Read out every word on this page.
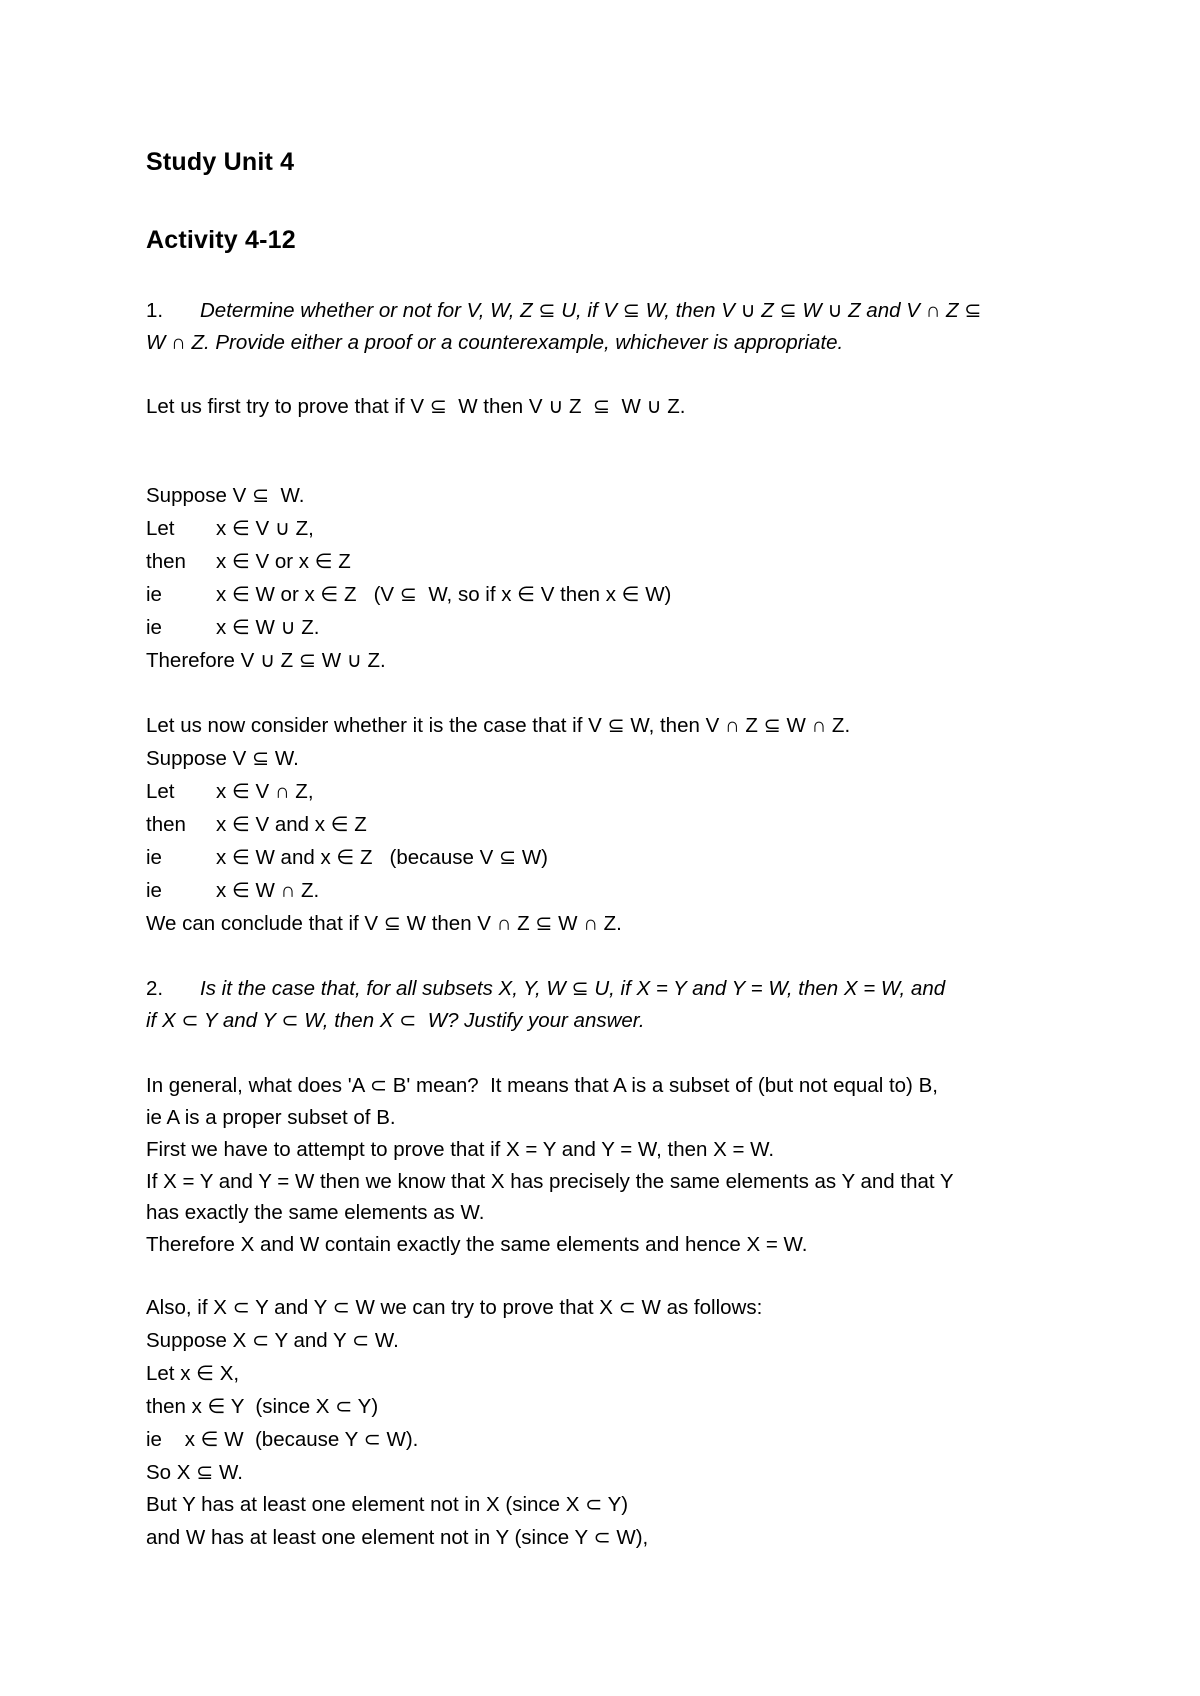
Study Unit 4
Activity 4-12
1. Determine whether or not for V, W, Z ⊆ U, if V ⊆ W, then V ∪ Z ⊆ W ∪ Z and V ∩ Z ⊆
W ∩ Z. Provide either a proof or a counterexample, whichever is appropriate.
Let us first try to prove that if V ⊆  W then V ∪ Z  ⊆  W ∪ Z.
Suppose V ⊆  W.
Let x ∈ V ∪ Z,
then x ∈ V or x ∈ Z
ie	x ∈ W or x ∈ Z   (V ⊆  W, so if x ∈ V then x ∈ W)
ie	x ∈ W ∪ Z.
Therefore V ∪ Z ⊆ W ∪ Z.
Let us now consider whether it is the case that if V ⊆ W, then V ∩ Z ⊆ W ∩ Z.
Suppose V ⊆ W.
Let x ∈ V ∩ Z,
then x ∈ V and x ∈ Z
ie	x ∈ W and x ∈ Z   (because V ⊆ W)
ie	x ∈ W ∩ Z.
We can conclude that if V ⊆ W then V ∩ Z ⊆ W ∩ Z.
2. Is it the case that, for all subsets X, Y, W ⊆ U, if X = Y and Y = W, then X = W, and
if X ⊂ Y and Y ⊂ W, then X ⊂  W? Justify your answer.
In general, what does 'A ⊂ B' mean?  It means that A is a subset of (but not equal to) B,
ie A is a proper subset of B.
First we have to attempt to prove that if X = Y and Y = W, then X = W.
If X = Y and Y = W then we know that X has precisely the same elements as Y and that Y
has exactly the same elements as W.
Therefore X and W contain exactly the same elements and hence X = W.
Also, if X ⊂ Y and Y ⊂ W we can try to prove that X ⊂ W as follows:
Suppose X ⊂ Y and Y ⊂ W.
Let x ∈ X,
then x ∈ Y  (since X ⊂ Y)
ie    x ∈ W  (because Y ⊂ W).
So X ⊆ W.
But Y has at least one element not in X (since X ⊂ Y)
and W has at least one element not in Y (since Y ⊂ W),
